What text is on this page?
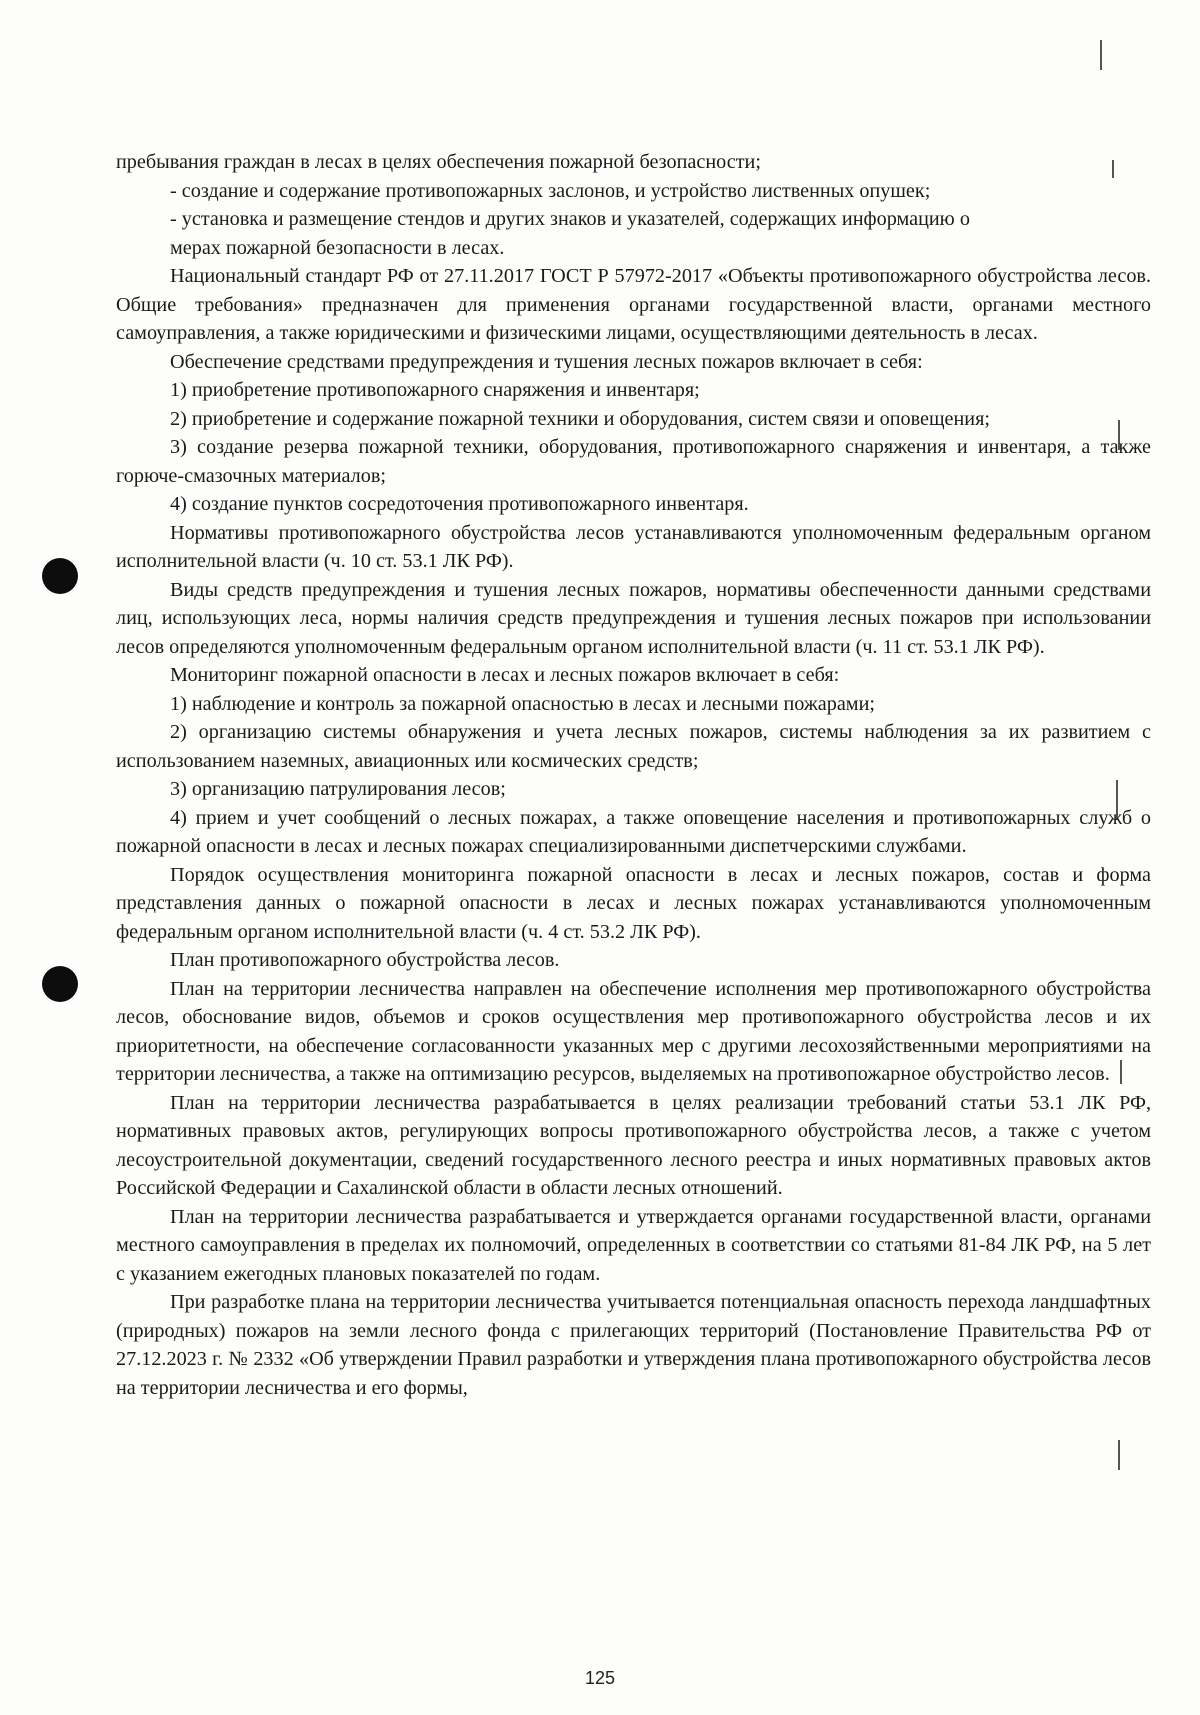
пребывания граждан в лесах в целях обеспечения пожарной безопасности;

- создание и содержание противопожарных заслонов, и устройство лиственных опушек;

- установка и размещение стендов и других знаков и указателей, содержащих информацию о

мерах пожарной безопасности в лесах.

Национальный стандарт РФ от 27.11.2017 ГОСТ Р 57972-2017 «Объекты противопожарного обустройства лесов. Общие требования» предназначен для применения органами государственной власти, органами местного самоуправления, а также юридическими и физическими лицами, осуществляющими деятельность в лесах.

Обеспечение средствами предупреждения и тушения лесных пожаров включает в себя:

1) приобретение противопожарного снаряжения и инвентаря;

2) приобретение и содержание пожарной техники и оборудования, систем связи и оповещения;

3) создание резерва пожарной техники, оборудования, противопожарного снаряжения и инвентаря, а также горюче-смазочных материалов;

4) создание пунктов сосредоточения противопожарного инвентаря.

Нормативы противопожарного обустройства лесов устанавливаются уполномоченным федеральным органом исполнительной власти (ч. 10 ст. 53.1 ЛК РФ).

Виды средств предупреждения и тушения лесных пожаров, нормативы обеспеченности данными средствами лиц, использующих леса, нормы наличия средств предупреждения и тушения лесных пожаров при использовании лесов определяются уполномоченным федеральным органом исполнительной власти (ч. 11 ст. 53.1 ЛК РФ).

Мониторинг пожарной опасности в лесах и лесных пожаров включает в себя:

1) наблюдение и контроль за пожарной опасностью в лесах и лесными пожарами;

2) организацию системы обнаружения и учета лесных пожаров, системы наблюдения за их развитием с использованием наземных, авиационных или космических средств;

3) организацию патрулирования лесов;

4) прием и учет сообщений о лесных пожарах, а также оповещение населения и противопожарных служб о пожарной опасности в лесах и лесных пожарах специализированными диспетчерскими службами.

Порядок осуществления мониторинга пожарной опасности в лесах и лесных пожаров, состав и форма представления данных о пожарной опасности в лесах и лесных пожарах устанавливаются уполномоченным федеральным органом исполнительной власти (ч. 4 ст. 53.2 ЛК РФ).

План противопожарного обустройства лесов.

План на территории лесничества направлен на обеспечение исполнения мер противопожарного обустройства лесов, обоснование видов, объемов и сроков осуществления мер противопожарного обустройства лесов и их приоритетности, на обеспечение согласованности указанных мер с другими лесохозяйственными мероприятиями на территории лесничества, а также на оптимизацию ресурсов, выделяемых на противопожарное обустройство лесов.

План на территории лесничества разрабатывается в целях реализации требований статьи 53.1 ЛК РФ, нормативных правовых актов, регулирующих вопросы противопожарного обустройства лесов, а также с учетом лесоустроительной документации, сведений государственного лесного реестра и иных нормативных правовых актов Российской Федерации и Сахалинской области в области лесных отношений.

План на территории лесничества разрабатывается и утверждается органами государственной власти, органами местного самоуправления в пределах их полномочий, определенных в соответствии со статьями 81-84 ЛК РФ, на 5 лет с указанием ежегодных плановых показателей по годам.

При разработке плана на территории лесничества учитывается потенциальная опасность перехода ландшафтных (природных) пожаров на земли лесного фонда с прилегающих территорий (Постановление Правительства РФ от 27.12.2023 г. № 2332 «Об утверждении Правил разработки и утверждения плана противопожарного обустройства лесов на территории лесничества и его формы,

125
